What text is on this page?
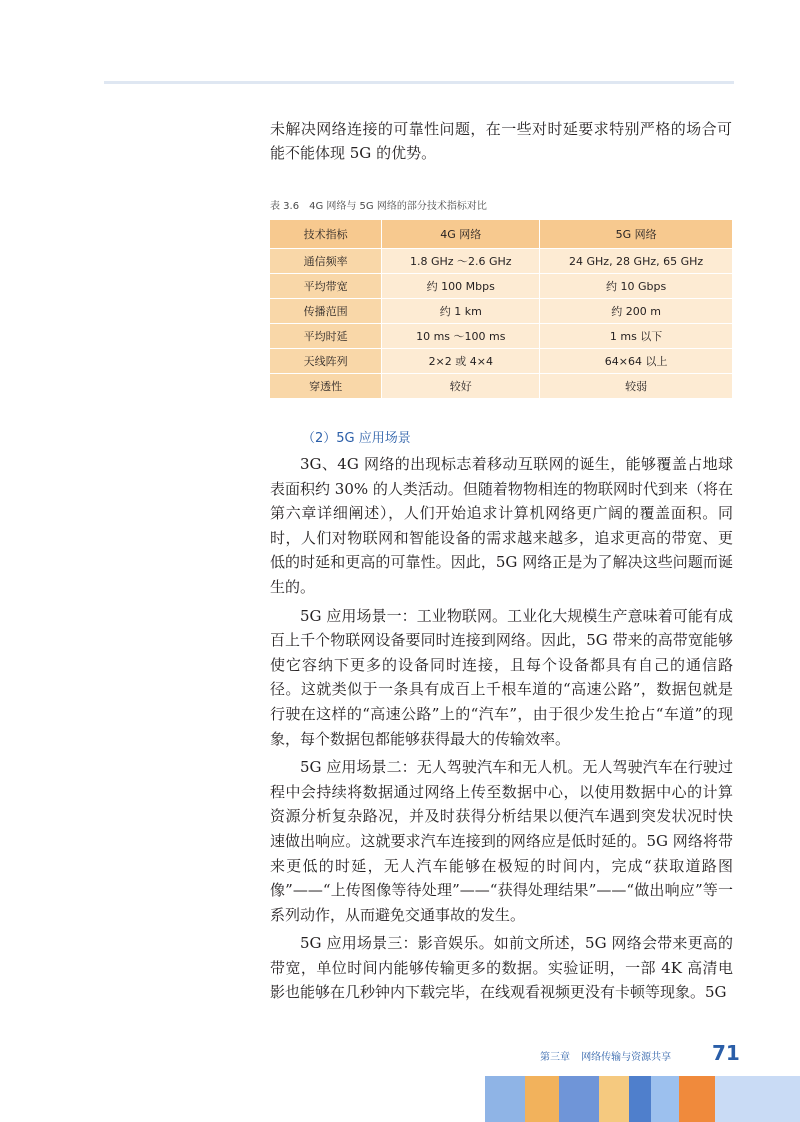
未解决网络连接的可靠性问题，在一些对时延要求特别严格的场合可能不能体现 5G 的优势。

表 3.6　4G 网络与 5G 网络的部分技术指标对比

技术指标	4G 网络	5G 网络
通信频率	1.8 GHz 〜2.6 GHz	24 GHz, 28 GHz, 65 GHz
平均带宽	约 100 Mbps	约 10 Gbps
传播范围	约 1 km	约 200 m
平均时延	10 ms 〜100 ms	1 ms 以下
天线阵列	2×2 或 4×4	64×64 以上
穿透性	较好	较弱

（2）5G 应用场景

3G、4G 网络的出现标志着移动互联网的诞生，能够覆盖占地球表面积约 30% 的人类活动。但随着物物相连的物联网时代到来（将在第六章详细阐述），人们开始追求计算机网络更广阔的覆盖面积。同时，人们对物联网和智能设备的需求越来越多，追求更高的带宽、更低的时延和更高的可靠性。因此，5G 网络正是为了解决这些问题而诞生的。

5G 应用场景一：工业物联网。工业化大规模生产意味着可能有成百上千个物联网设备要同时连接到网络。因此，5G 带来的高带宽能够使它容纳下更多的设备同时连接，且每个设备都具有自己的通信路径。这就类似于一条具有成百上千根车道的“高速公路”，数据包就是行驶在这样的“高速公路”上的“汽车”，由于很少发生抢占“车道”的现象，每个数据包都能够获得最大的传输效率。

5G 应用场景二：无人驾驶汽车和无人机。无人驾驶汽车在行驶过程中会持续将数据通过网络上传至数据中心，以使用数据中心的计算资源分析复杂路况，并及时获得分析结果以便汽车遇到突发状况时快速做出响应。这就要求汽车连接到的网络应是低时延的。5G 网络将带来更低的时延，无人汽车能够在极短的时间内，完成“获取道路图像”——“上传图像等待处理”——“获得处理结果”——“做出响应”等一系列动作，从而避免交通事故的发生。

5G 应用场景三：影音娱乐。如前文所述，5G 网络会带来更高的带宽，单位时间内能够传输更多的数据。实验证明，一部 4K 高清电影也能够在几秒钟内下载完毕，在线观看视频更没有卡顿等现象。5G

第三章 网络传输与资源共享 71
